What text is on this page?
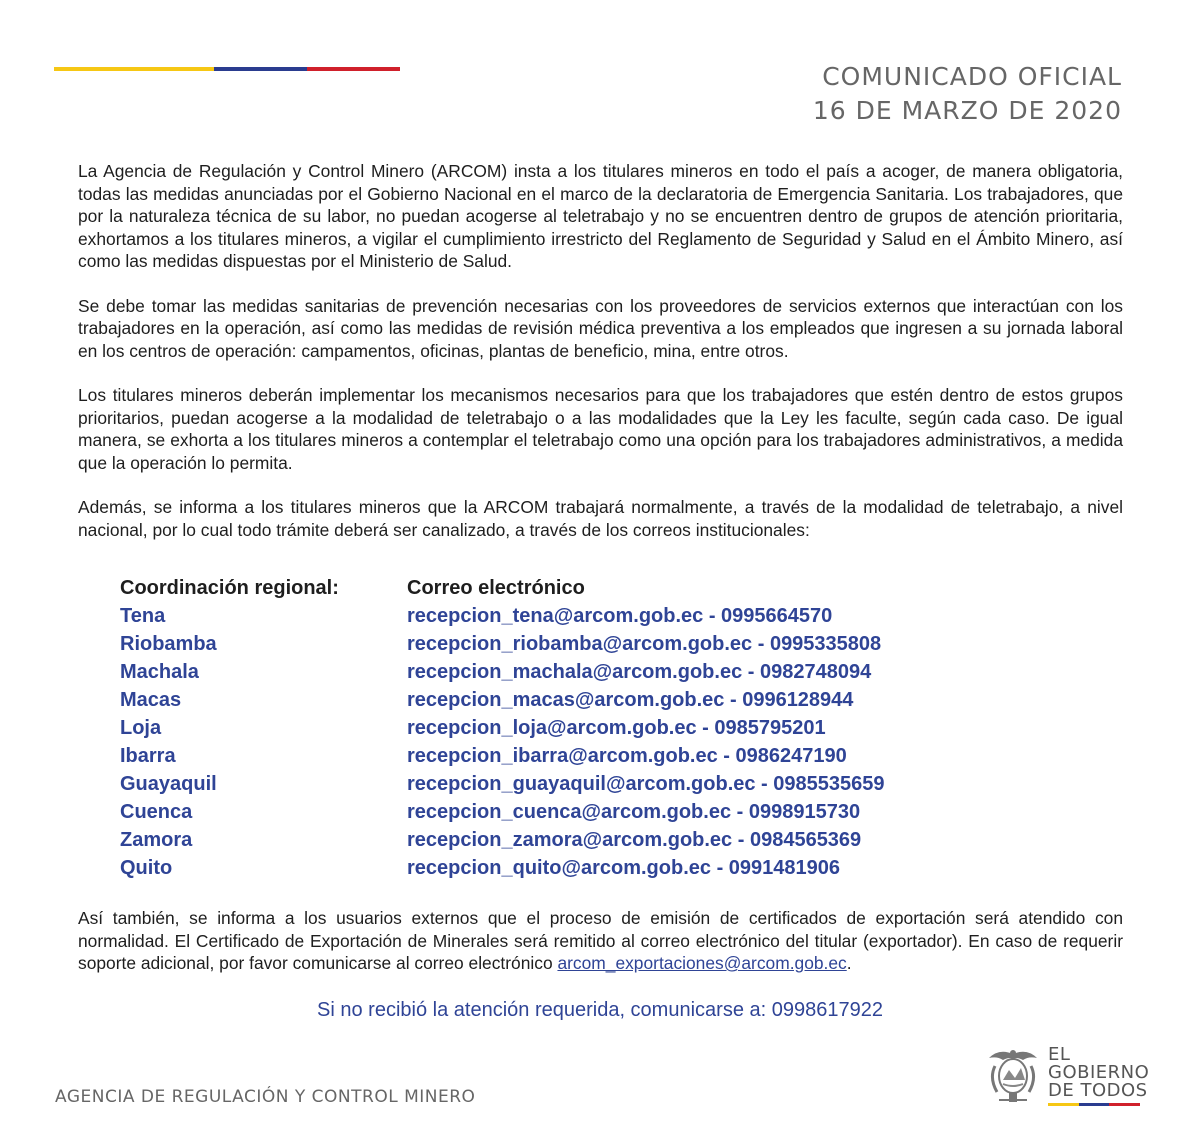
COMUNICADO OFICIAL
16 DE MARZO DE 2020

La Agencia de Regulación y Control Minero (ARCOM) insta a los titulares mineros en todo el país a acoger, de manera obligatoria, todas las medidas anunciadas por el Gobierno Nacional en el marco de la declaratoria de Emergencia Sanitaria. Los trabajadores, que por la naturaleza técnica de su labor, no puedan acogerse al teletrabajo y no se encuentren dentro de grupos de atención prioritaria, exhortamos a los titulares mineros, a vigilar el cumplimiento irrestricto del Reglamento de Seguridad y Salud en el Ámbito Minero, así como las medidas dispuestas por el Ministerio de Salud.

Se debe tomar las medidas sanitarias de prevención necesarias con los proveedores de servicios externos que interactúan con los trabajadores en la operación, así como las medidas de revisión médica preventiva a los empleados que ingresen a su jornada laboral en los centros de operación: campamentos, oficinas, plantas de beneficio, mina, entre otros.

Los titulares mineros deberán implementar los mecanismos necesarios para que los trabajadores que estén dentro de estos grupos prioritarios, puedan acogerse a la modalidad de teletrabajo o a las modalidades que la Ley les faculte, según cada caso. De igual manera, se exhorta a los titulares mineros a contemplar el teletrabajo como una opción para los trabajadores administrativos, a medida que la operación lo permita.

Además, se informa a los titulares mineros que la ARCOM trabajará normalmente, a través de la modalidad de teletrabajo, a nivel nacional, por lo cual todo trámite deberá ser canalizado, a través de los correos institucionales:

Coordinación regional:	Correo electrónico
Tena	recepcion_tena@arcom.gob.ec - 0995664570
Riobamba	recepcion_riobamba@arcom.gob.ec - 0995335808
Machala	recepcion_machala@arcom.gob.ec - 0982748094
Macas	recepcion_macas@arcom.gob.ec - 0996128944
Loja	recepcion_loja@arcom.gob.ec - 0985795201
Ibarra	recepcion_ibarra@arcom.gob.ec - 0986247190
Guayaquil	recepcion_guayaquil@arcom.gob.ec - 0985535659
Cuenca	recepcion_cuenca@arcom.gob.ec - 0998915730
Zamora	recepcion_zamora@arcom.gob.ec - 0984565369
Quito	recepcion_quito@arcom.gob.ec - 0991481906
Así también, se informa a los usuarios externos que el proceso de emisión de certificados de exportación será atendido con normalidad. El Certificado de Exportación de Minerales será remitido al correo electrónico del titular (exportador). En caso de requerir soporte adicional, por favor comunicarse al correo electrónico arcom_exportaciones@arcom.gob.ec.
Si no recibió la atención requerida, comunicarse a: 0998617922
AGENCIA DE REGULACIÓN Y CONTROL MINERO
EL
GOBIERNO
DE TODOS
